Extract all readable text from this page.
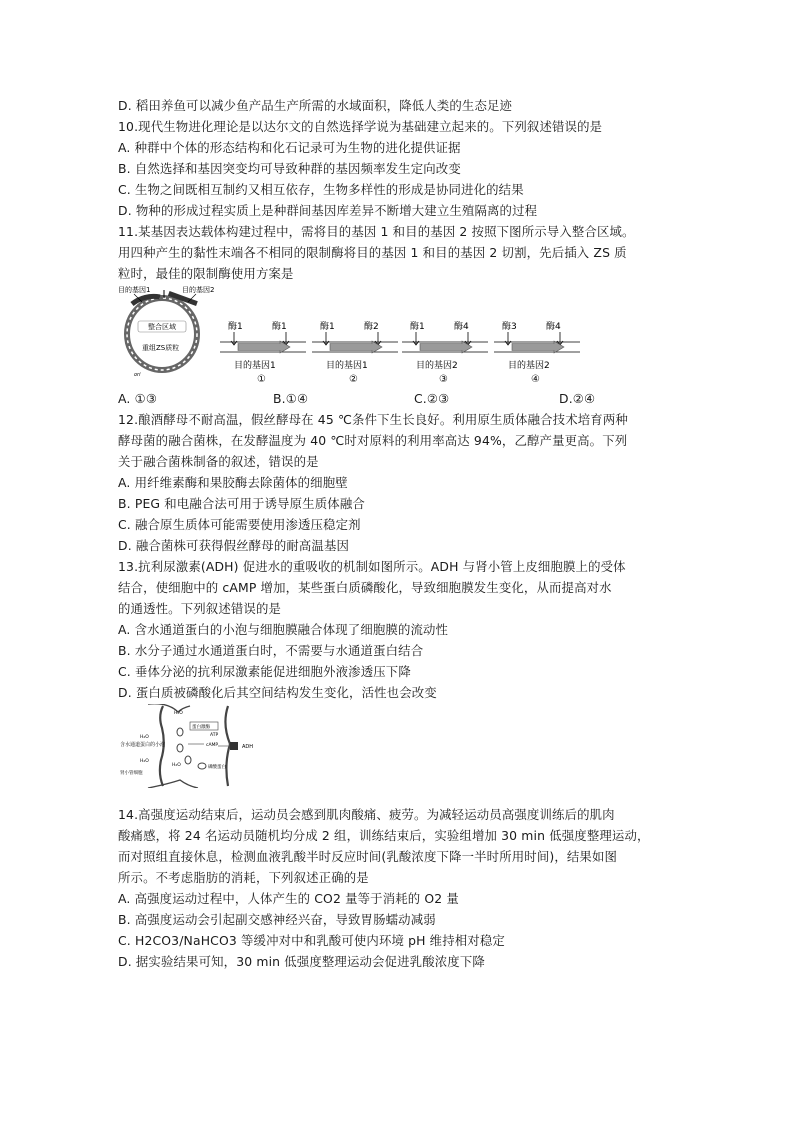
D. 稻田养鱼可以减少鱼产品生产所需的水域面积，降低人类的生态足迹
10.现代生物进化理论是以达尔文的自然选择学说为基础建立起来的。下列叙述错误的是
A. 种群中个体的形态结构和化石记录可为生物的进化提供证据
B. 自然选择和基因突变均可导致种群的基因频率发生定向改变
C. 生物之间既相互制约又相互依存，生物多样性的形成是协同进化的结果
D. 物种的形成过程实质上是种群间基因库差异不断增大建立生殖隔离的过程
11.某基因表达载体构建过程中，需将目的基因 1 和目的基因 2 按照下图所示导入整合区域。
用四种产生的黏性末端各不相同的限制酶将目的基因 1 和目的基因 2 切割，先后插入 ZS 质
粒时，最佳的限制酶使用方案是
目的基因1	目的基因2
整合区域
重组ZS质粒
ori
酶1	酶1
目的基因1
①
酶1	酶2
目的基因1
②
酶1	酶4
目的基因2
③
酶3	酶4
目的基因2
④
A. ①③	B.①④	C.②③	D.②④
12.酿酒酵母不耐高温，假丝酵母在 45 ℃条件下生长良好。利用原生质体融合技术培育两种
酵母菌的融合菌株，在发酵温度为 40 ℃时对原料的利用率高达 94%，乙醇产量更高。下列
关于融合菌株制备的叙述，错误的是
A. 用纤维素酶和果胶酶去除菌体的细胞壁
B. PEG 和电融合法可用于诱导原生质体融合
C. 融合原生质体可能需要使用渗透压稳定剂
D. 融合菌株可获得假丝酵母的耐高温基因
13.抗利尿激素(ADH) 促进水的重吸收的机制如图所示。ADH 与肾小管上皮细胞膜上的受体
结合，使细胞中的 cAMP 增加，某些蛋白质磷酸化，导致细胞膜发生变化，从而提高对水
的通透性。下列叙述错误的是
A. 含水通道蛋白的小泡与细胞膜融合体现了细胞膜的流动性
B. 水分子通过水通道蛋白时，不需要与水通道蛋白结合
C. 垂体分泌的抗利尿激素能促进细胞外液渗透压下降
D. 蛋白质被磷酸化后其空间结构发生变化，活性也会改变
H₂O
H₂O
H₂O
H₂O
含水通道蛋白的小泡
肾小管细胞
蛋白激酶
ATP
cAMP	ADH
磷酸蛋白
14.高强度运动结束后，运动员会感到肌肉酸痛、疲劳。为减轻运动员高强度训练后的肌肉
酸痛感，将 24 名运动员随机均分成 2 组，训练结束后，实验组增加 30 min 低强度整理运动，
而对照组直接休息，检测血液乳酸半时反应时间(乳酸浓度下降一半时所用时间)，结果如图
所示。不考虑脂肪的消耗，下列叙述正确的是
A. 高强度运动过程中，人体产生的 CO2 量等于消耗的 O2 量
B. 高强度运动会引起副交感神经兴奋，导致胃肠蠕动减弱
C. H2CO3/NaHCO3 等缓冲对中和乳酸可使内环境 pH 维持相对稳定
D. 据实验结果可知，30 min 低强度整理运动会促进乳酸浓度下降
